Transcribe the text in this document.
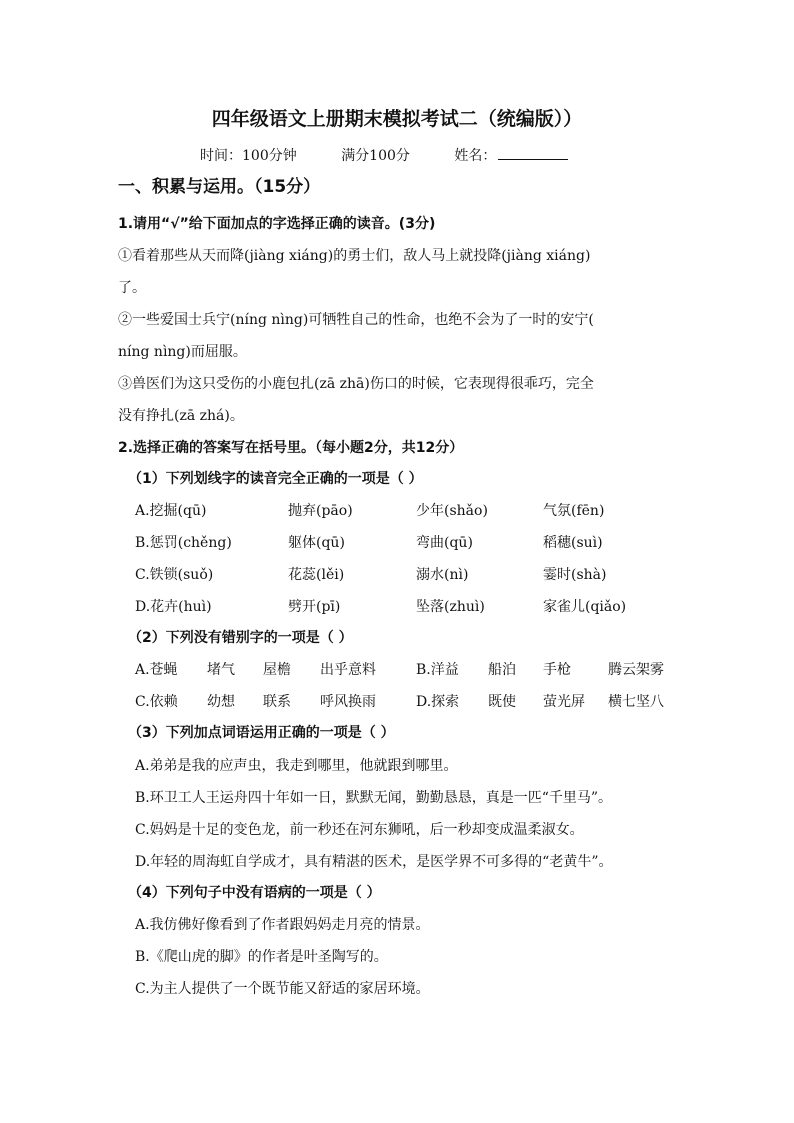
四年级语文上册期末模拟考试二（统编版））
时间：100分钟	满分100分	姓名：
一、积累与运用。（15分）
1.请用“√”给下面加点的字选择正确的读音。(3分)
①看着那些从天而降(jiàng xiáng)的勇士们，敌人马上就投降(jiàng xiáng)
了。
②一些爱国士兵宁(níng nìng)可牺牲自己的性命，也绝不会为了一时的安宁(
níng nìng)而屈服。
③兽医们为这只受伤的小鹿包扎(zā zhā)伤口的时候，它表现得很乖巧，完全
没有挣扎(zā zhá)。
2.选择正确的答案写在括号里。（每小题2分，共12分）
（1）下列划线字的读音完全正确的一项是（ ）
A.挖掘(qū)	抛弃(pāo)	少年(shǎo)	气氛(fēn)
B.惩罚(chěng)	躯体(qū)	弯曲(qū)	稻穗(suì)
C.铁锁(suǒ)	花蕊(lěi)	溺水(nì)	霎时(shà)
D.花卉(huì)	劈开(pī)	坠落(zhuì)	家雀儿(qiǎo)
（2）下列没有错别字的一项是（ ）
A.苍蝇 堵气 屋檐 出乎意料	B.洋益 船泊 手枪	腾云架雾
C.依赖 幼想 联系 呼风换雨	D.探索 既使 萤光屏 横七坚八
（3）下列加点词语运用正确的一项是（ ）
A.弟弟是我的应声虫，我走到哪里，他就跟到哪里。
B.环卫工人王运舟四十年如一日，默默无闻，勤勤恳恳，真是一匹“千里马”。
C.妈妈是十足的变色龙，前一秒还在河东狮吼，后一秒却变成温柔淑女。
D.年轻的周海虹自学成才，具有精湛的医术，是医学界不可多得的“老黄牛”。
（4）下列句子中没有语病的一项是（ ）
A.我仿佛好像看到了作者跟妈妈走月亮的情景。
B.《爬山虎的脚》的作者是叶圣陶写的。
C.为主人提供了一个既节能又舒适的家居环境。
